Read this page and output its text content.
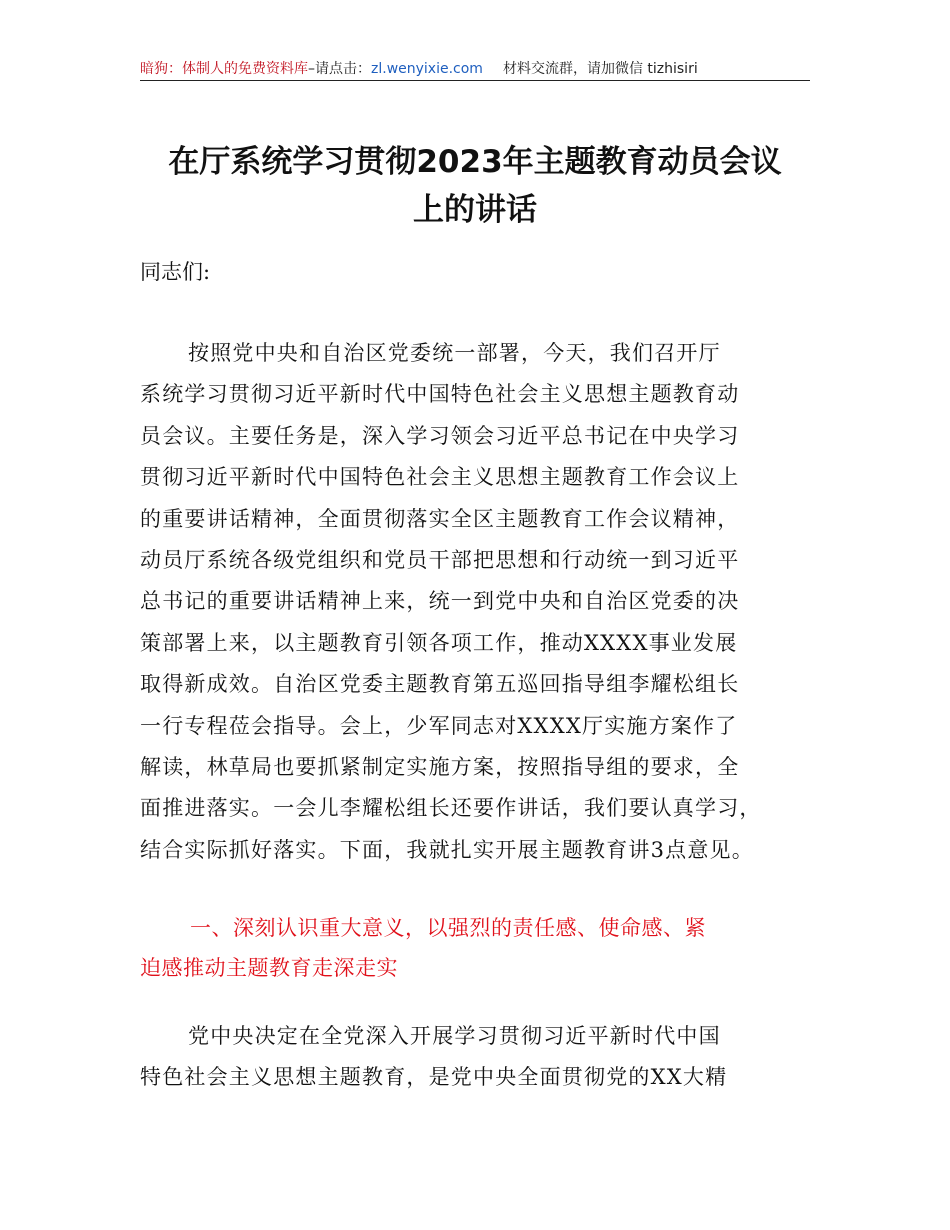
暗狗：体制人的免费资料库 –请点击： zl.wenyixie.com 材料交流群，请加微信 tizhisiri
在厅系统学习贯彻2023年主题教育动员会议
上的讲话
同志们:
按照党中央和自治区党委统一部署，今天，我们召开厅
系统学习贯彻习近平新时代中国特色社会主义思想主题教育动
员会议。主要任务是，深入学习领会习近平总书记在中央学习
贯彻习近平新时代中国特色社会主义思想主题教育工作会议上
的重要讲话精神，全面贯彻落实全区主题教育工作会议精神，
动员厅系统各级党组织和党员干部把思想和行动统一到习近平
总书记的重要讲话精神上来，统一到党中央和自治区党委的决
策部署上来，以主题教育引领各项工作，推动XXXX事业发展
取得新成效。自治区党委主题教育第五巡回指导组李耀松组长
一行专程莅会指导。会上，少军同志对XXXX厅实施方案作了
解读，林草局也要抓紧制定实施方案，按照指导组的要求，全
面推进落实。一会儿李耀松组长还要作讲话，我们要认真学习，
结合实际抓好落实。下面，我就扎实开展主题教育讲3点意见。
一、深刻认识重大意义，以强烈的责任感、使命感、紧
迫感推动主题教育走深走实
党中央决定在全党深入开展学习贯彻习近平新时代中国
特色社会主义思想主题教育，是党中央全面贯彻党的XX大精
